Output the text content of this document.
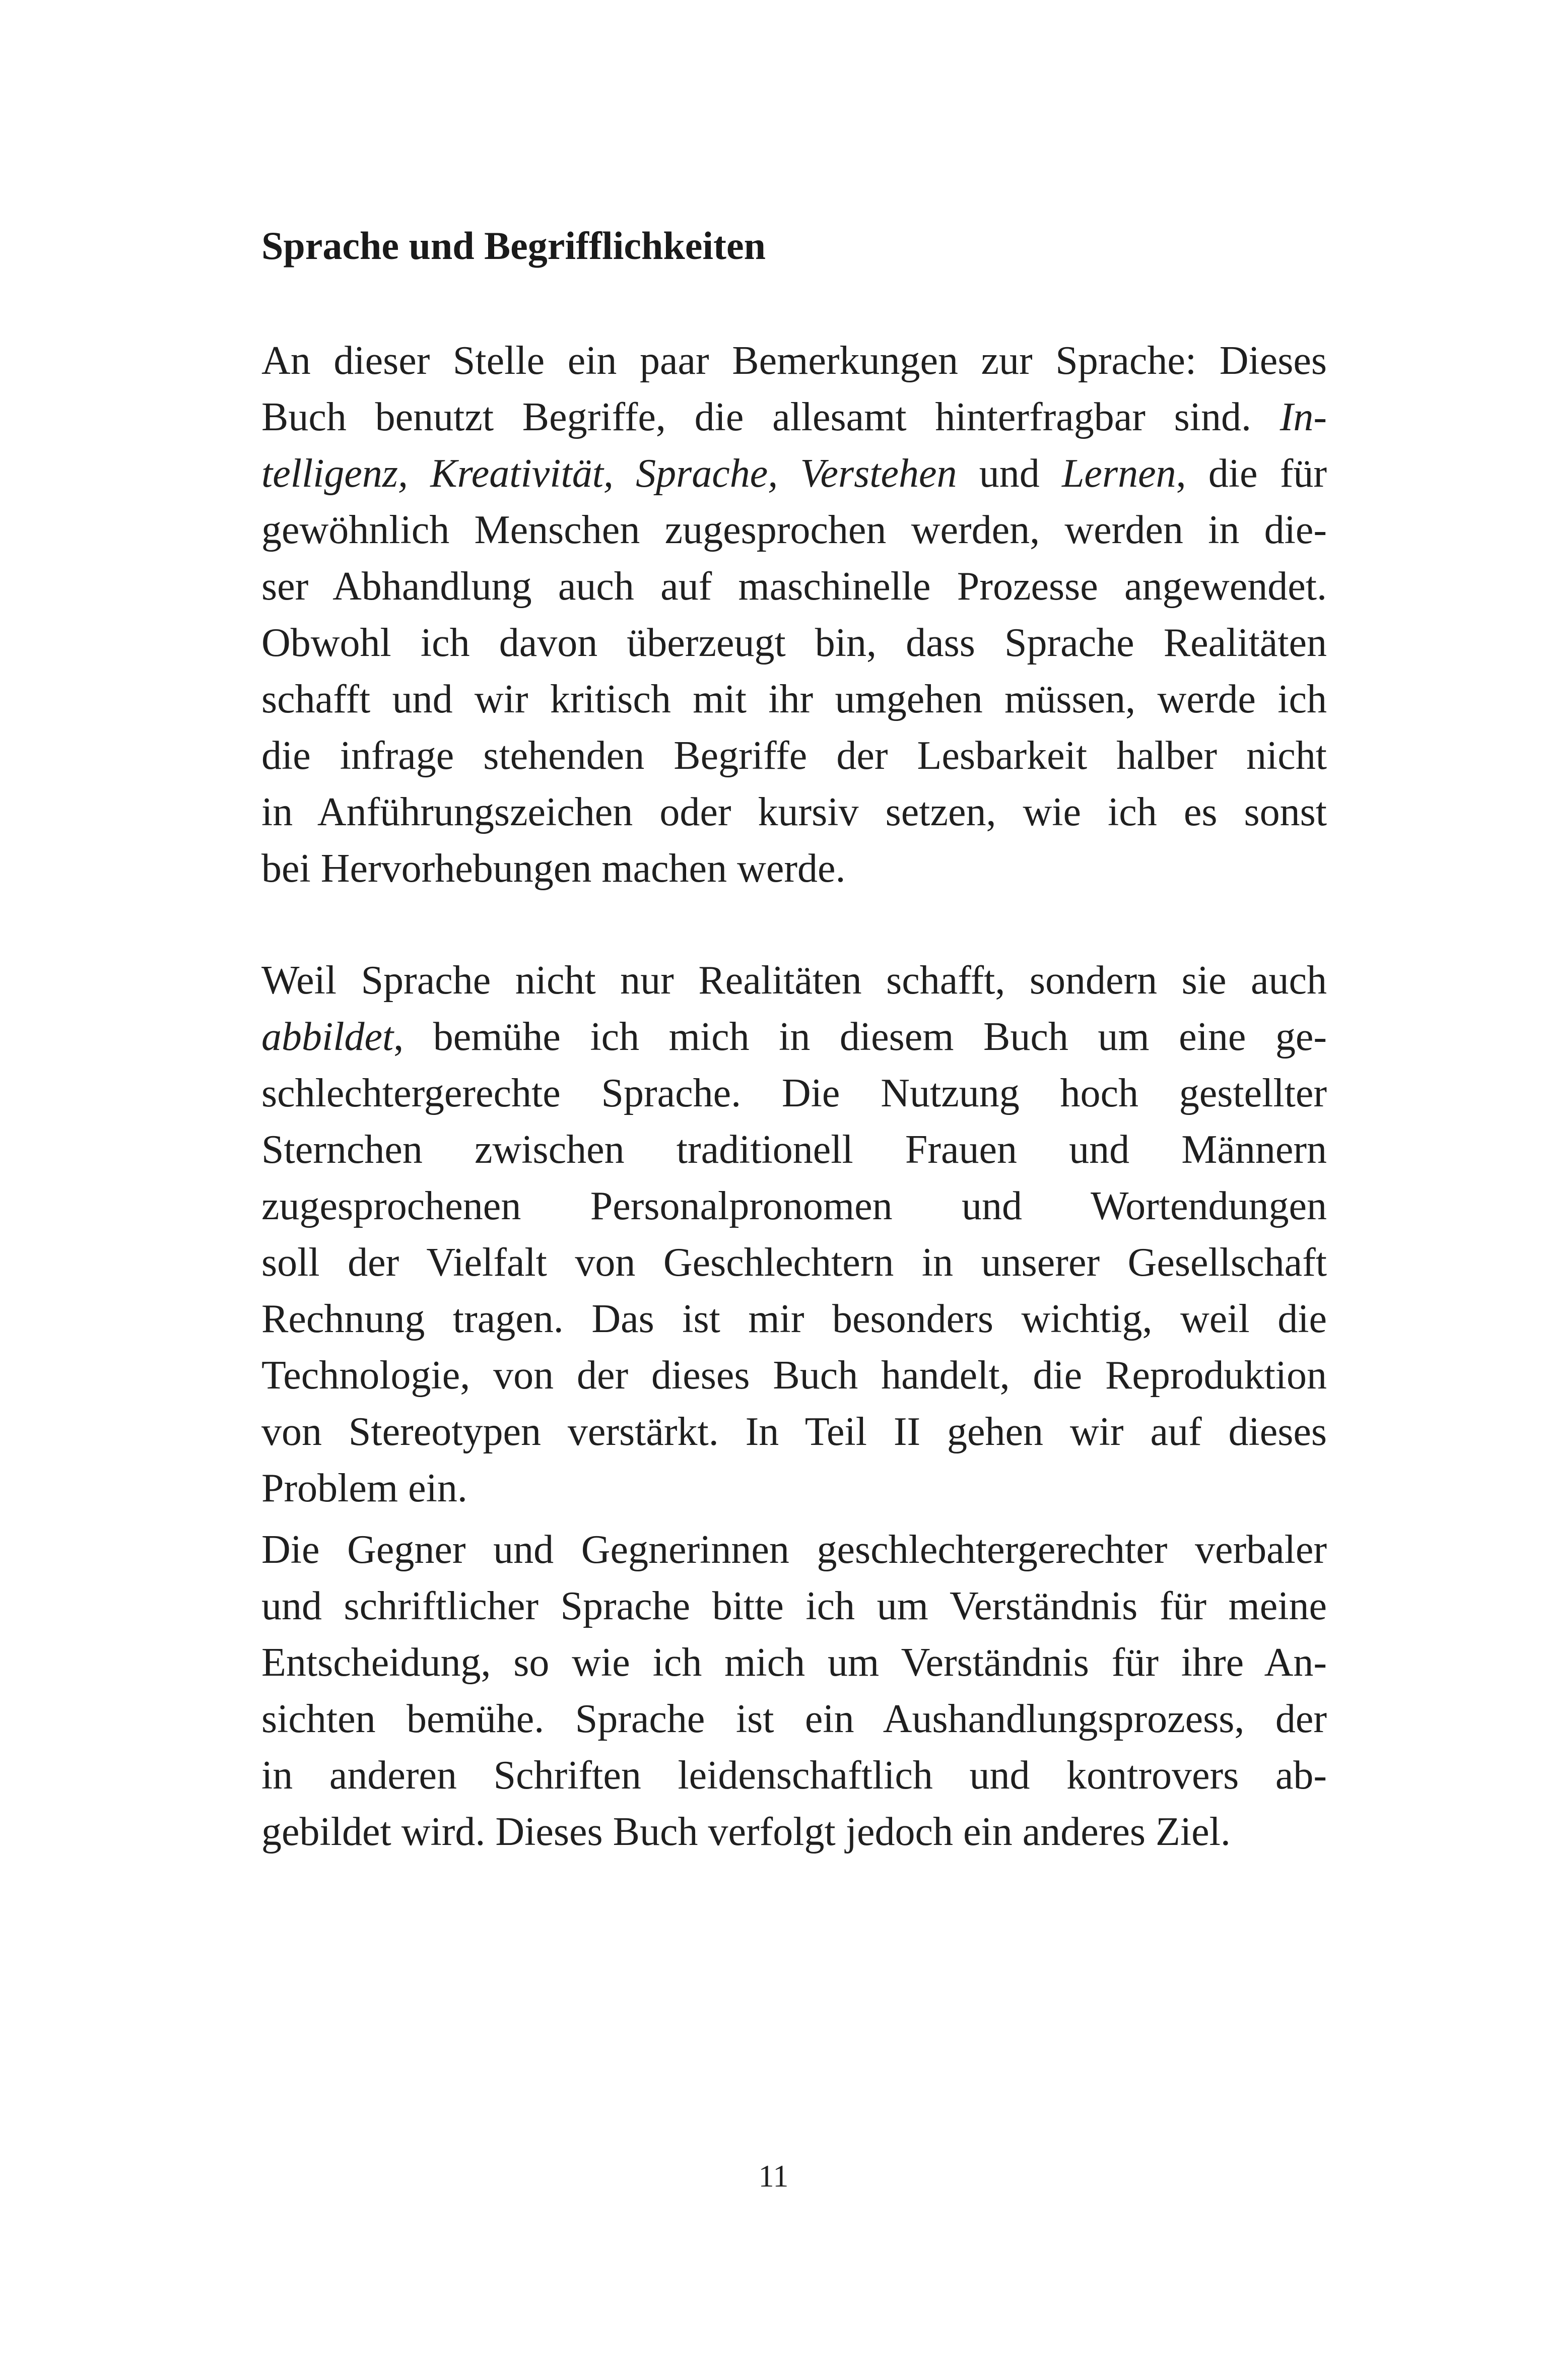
Sprache und Begrifflichkeiten
An dieser Stelle ein paar Bemerkungen zur Sprache: Dieses
Buch benutzt Begriffe, die allesamt hinterfragbar sind. In-
telligenz, Kreativität, Sprache, Verstehen und Lernen, die für
gewöhnlich Menschen zugesprochen werden, werden in die-
ser Abhandlung auch auf maschinelle Prozesse angewendet.
Obwohl ich davon überzeugt bin, dass Sprache Realitäten
schafft und wir kritisch mit ihr umgehen müssen, werde ich
die infrage stehenden Begriffe der Lesbarkeit halber nicht
in Anführungszeichen oder kursiv setzen, wie ich es sonst
bei Hervorhebungen machen werde.
Weil Sprache nicht nur Realitäten schafft, sondern sie auch
abbildet, bemühe ich mich in diesem Buch um eine ge-
schlechtergerechte Sprache. Die Nutzung hoch gestellter
Sternchen zwischen traditionell Frauen und Männern
zugesprochenen Personalpronomen und Wortendungen
soll der Vielfalt von Geschlechtern in unserer Gesellschaft
Rechnung tragen. Das ist mir besonders wichtig, weil die
Technologie, von der dieses Buch handelt, die Reproduktion
von Stereotypen verstärkt. In Teil II gehen wir auf dieses
Problem ein.
Die Gegner und Gegnerinnen geschlechtergerechter verbaler
und schriftlicher Sprache bitte ich um Verständnis für meine
Entscheidung, so wie ich mich um Verständnis für ihre An-
sichten bemühe. Sprache ist ein Aushandlungsprozess, der
in anderen Schriften leidenschaftlich und kontrovers ab-
gebildet wird. Dieses Buch verfolgt jedoch ein anderes Ziel.
11
